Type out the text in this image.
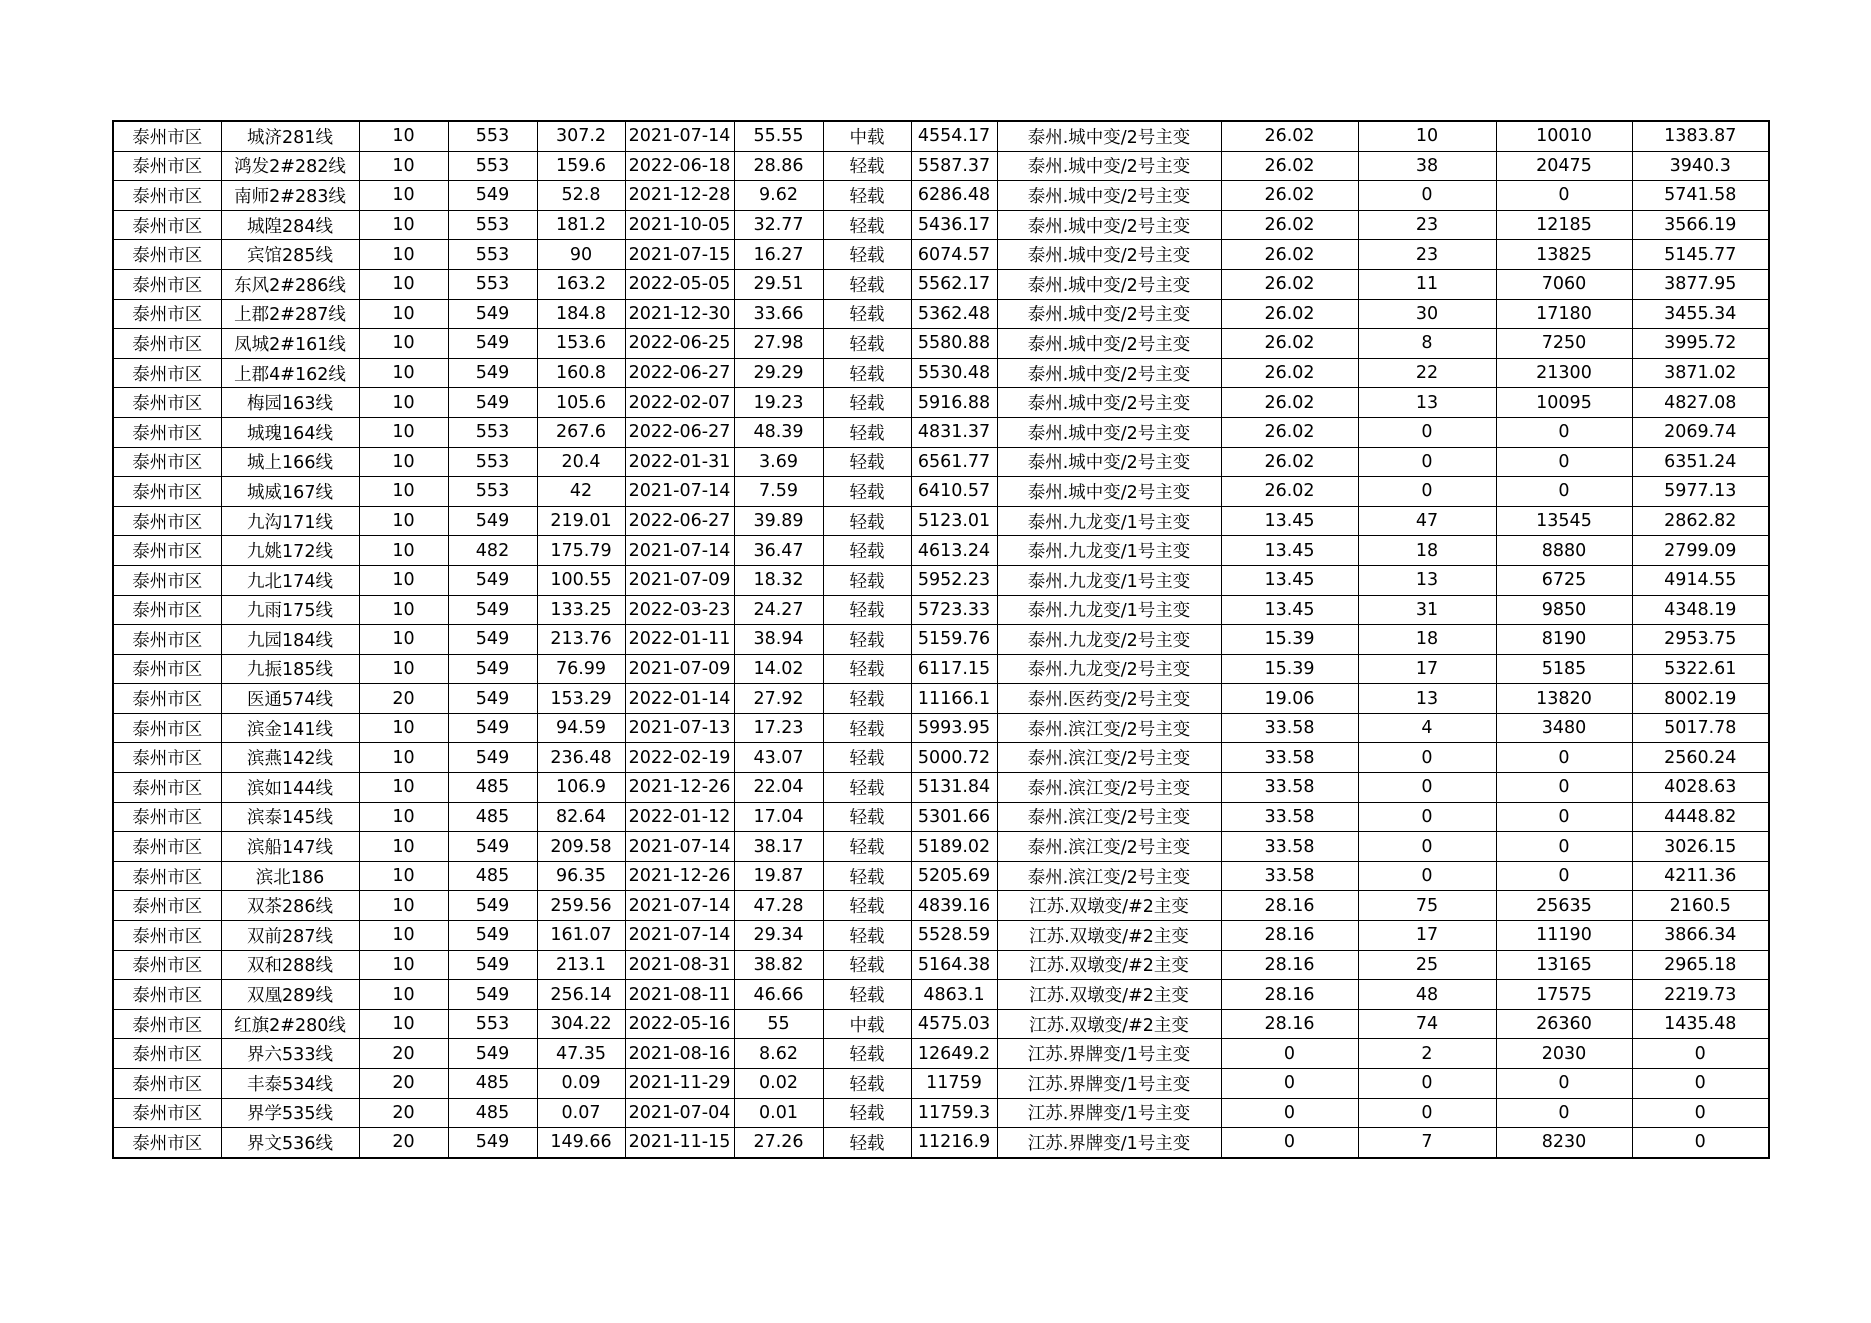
泰州市区	城济281线	10	553	307.2	2021-07-14	55.55	中载	4554.17	泰州.城中变/2号主变	26.02	10	10010	1383.87
泰州市区	鸿发2#282线	10	553	159.6	2022-06-18	28.86	轻载	5587.37	泰州.城中变/2号主变	26.02	38	20475	3940.3
泰州市区	南师2#283线	10	549	52.8	2021-12-28	9.62	轻载	6286.48	泰州.城中变/2号主变	26.02	0	0	5741.58
泰州市区	城隍284线	10	553	181.2	2021-10-05	32.77	轻载	5436.17	泰州.城中变/2号主变	26.02	23	12185	3566.19
泰州市区	宾馆285线	10	553	90	2021-07-15	16.27	轻载	6074.57	泰州.城中变/2号主变	26.02	23	13825	5145.77
泰州市区	东风2#286线	10	553	163.2	2022-05-05	29.51	轻载	5562.17	泰州.城中变/2号主变	26.02	11	7060	3877.95
泰州市区	上郡2#287线	10	549	184.8	2021-12-30	33.66	轻载	5362.48	泰州.城中变/2号主变	26.02	30	17180	3455.34
泰州市区	凤城2#161线	10	549	153.6	2022-06-25	27.98	轻载	5580.88	泰州.城中变/2号主变	26.02	8	7250	3995.72
泰州市区	上郡4#162线	10	549	160.8	2022-06-27	29.29	轻载	5530.48	泰州.城中变/2号主变	26.02	22	21300	3871.02
泰州市区	梅园163线	10	549	105.6	2022-02-07	19.23	轻载	5916.88	泰州.城中变/2号主变	26.02	13	10095	4827.08
泰州市区	城瑰164线	10	553	267.6	2022-06-27	48.39	轻载	4831.37	泰州.城中变/2号主变	26.02	0	0	2069.74
泰州市区	城上166线	10	553	20.4	2022-01-31	3.69	轻载	6561.77	泰州.城中变/2号主变	26.02	0	0	6351.24
泰州市区	城威167线	10	553	42	2021-07-14	7.59	轻载	6410.57	泰州.城中变/2号主变	26.02	0	0	5977.13
泰州市区	九沟171线	10	549	219.01	2022-06-27	39.89	轻载	5123.01	泰州.九龙变/1号主变	13.45	47	13545	2862.82
泰州市区	九姚172线	10	482	175.79	2021-07-14	36.47	轻载	4613.24	泰州.九龙变/1号主变	13.45	18	8880	2799.09
泰州市区	九北174线	10	549	100.55	2021-07-09	18.32	轻载	5952.23	泰州.九龙变/1号主变	13.45	13	6725	4914.55
泰州市区	九雨175线	10	549	133.25	2022-03-23	24.27	轻载	5723.33	泰州.九龙变/1号主变	13.45	31	9850	4348.19
泰州市区	九园184线	10	549	213.76	2022-01-11	38.94	轻载	5159.76	泰州.九龙变/2号主变	15.39	18	8190	2953.75
泰州市区	九振185线	10	549	76.99	2021-07-09	14.02	轻载	6117.15	泰州.九龙变/2号主变	15.39	17	5185	5322.61
泰州市区	医通574线	20	549	153.29	2022-01-14	27.92	轻载	11166.1	泰州.医药变/2号主变	19.06	13	13820	8002.19
泰州市区	滨金141线	10	549	94.59	2021-07-13	17.23	轻载	5993.95	泰州.滨江变/2号主变	33.58	4	3480	5017.78
泰州市区	滨燕142线	10	549	236.48	2022-02-19	43.07	轻载	5000.72	泰州.滨江变/2号主变	33.58	0	0	2560.24
泰州市区	滨如144线	10	485	106.9	2021-12-26	22.04	轻载	5131.84	泰州.滨江变/2号主变	33.58	0	0	4028.63
泰州市区	滨泰145线	10	485	82.64	2022-01-12	17.04	轻载	5301.66	泰州.滨江变/2号主变	33.58	0	0	4448.82
泰州市区	滨船147线	10	549	209.58	2021-07-14	38.17	轻载	5189.02	泰州.滨江变/2号主变	33.58	0	0	3026.15
泰州市区	滨北186	10	485	96.35	2021-12-26	19.87	轻载	5205.69	泰州.滨江变/2号主变	33.58	0	0	4211.36
泰州市区	双茶286线	10	549	259.56	2021-07-14	47.28	轻载	4839.16	江苏.双墩变/#2主变	28.16	75	25635	2160.5
泰州市区	双前287线	10	549	161.07	2021-07-14	29.34	轻载	5528.59	江苏.双墩变/#2主变	28.16	17	11190	3866.34
泰州市区	双和288线	10	549	213.1	2021-08-31	38.82	轻载	5164.38	江苏.双墩变/#2主变	28.16	25	13165	2965.18
泰州市区	双凰289线	10	549	256.14	2021-08-11	46.66	轻载	4863.1	江苏.双墩变/#2主变	28.16	48	17575	2219.73
泰州市区	红旗2#280线	10	553	304.22	2022-05-16	55	中载	4575.03	江苏.双墩变/#2主变	28.16	74	26360	1435.48
泰州市区	界六533线	20	549	47.35	2021-08-16	8.62	轻载	12649.2	江苏.界牌变/1号主变	0	2	2030	0
泰州市区	丰泰534线	20	485	0.09	2021-11-29	0.02	轻载	11759	江苏.界牌变/1号主变	0	0	0	0
泰州市区	界学535线	20	485	0.07	2021-07-04	0.01	轻载	11759.3	江苏.界牌变/1号主变	0	0	0	0
泰州市区	界文536线	20	549	149.66	2021-11-15	27.26	轻载	11216.9	江苏.界牌变/1号主变	0	7	8230	0
